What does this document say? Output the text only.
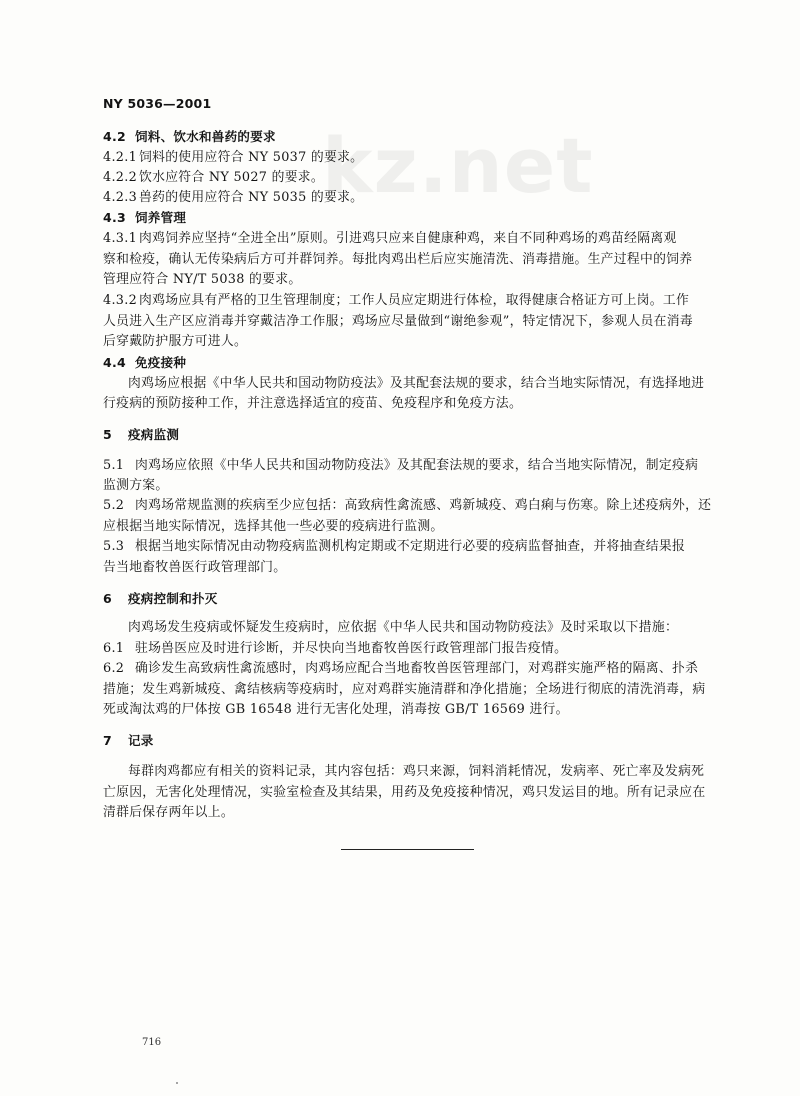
NY 5036—2001
kz.net
4.2 饲料、饮水和兽药的要求
4.2.1 饲料的使用应符合 NY 5037 的要求。
4.2.2 饮水应符合 NY 5027 的要求。
4.2.3 兽药的使用应符合 NY 5035 的要求。
4.3 饲养管理
4.3.1 肉鸡饲养应坚持“全进全出”原则。引进鸡只应来自健康种鸡，来自不同种鸡场的鸡苗经隔离观
察和检疫，确认无传染病后方可并群饲养。每批肉鸡出栏后应实施清洗、消毒措施。生产过程中的饲养
管理应符合 NY/T 5038 的要求。
4.3.2 肉鸡场应具有严格的卫生管理制度；工作人员应定期进行体检，取得健康合格证方可上岗。工作
人员进入生产区应消毒并穿戴洁净工作服；鸡场应尽量做到“谢绝参观”，特定情况下，参观人员在消毒
后穿戴防护服方可进人。
4.4 免疫接种
肉鸡场应根据《中华人民共和国动物防疫法》及其配套法规的要求，结合当地实际情况，有选择地进
行疫病的预防接种工作，并注意选择适宜的疫苗、免疫程序和免疫方法。
5 疫病监测
5.1 肉鸡场应依照《中华人民共和国动物防疫法》及其配套法规的要求，结合当地实际情况，制定疫病
监测方案。
5.2 肉鸡场常规监测的疾病至少应包括：高致病性禽流感、鸡新城疫、鸡白痢与伤寒。除上述疫病外，还
应根据当地实际情况，选择其他一些必要的疫病进行监测。
5.3 根据当地实际情况由动物疫病监测机构定期或不定期进行必要的疫病监督抽查，并将抽查结果报
告当地畜牧兽医行政管理部门。
6 疫病控制和扑灭
肉鸡场发生疫病或怀疑发生疫病时，应依据《中华人民共和国动物防疫法》及时采取以下措施：
6.1 驻场兽医应及时进行诊断，并尽快向当地畜牧兽医行政管理部门报告疫情。
6.2 确诊发生高致病性禽流感时，肉鸡场应配合当地畜牧兽医管理部门，对鸡群实施严格的隔离、扑杀
措施；发生鸡新城疫、禽结核病等疫病时，应对鸡群实施清群和净化措施；全场进行彻底的清洗消毒，病
死或淘汰鸡的尸体按 GB 16548 进行无害化处理，消毒按 GB/T 16569 进行。
7 记录
每群肉鸡都应有相关的资料记录，其内容包括：鸡只来源，饲料消耗情况，发病率、死亡率及发病死
亡原因，无害化处理情况，实验室检查及其结果，用药及免疫接种情况，鸡只发运目的地。所有记录应在
清群后保存两年以上。
716
